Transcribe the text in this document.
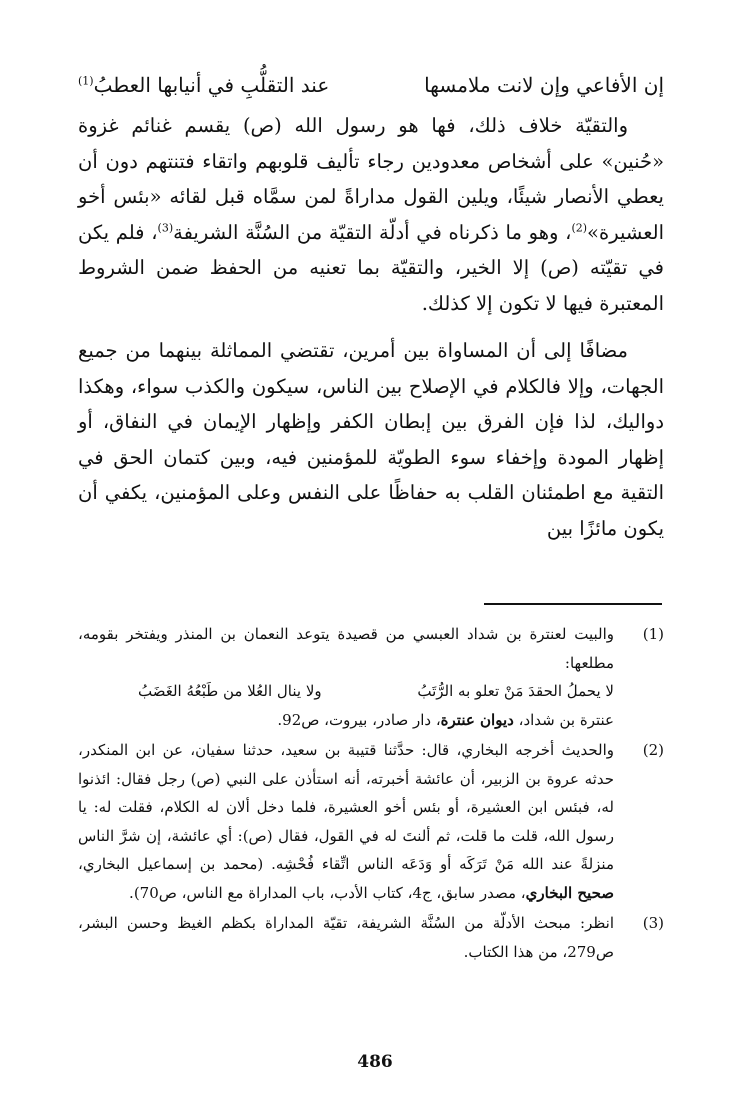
إن الأفاعي وإن لانت ملامسها
عند التقلُّبِ في أنيابها العطبُ$^{(1)}$

والتقيّة خلاف ذلك، فها هو رسول الله (ص) يقسم غنائم غزوة «حُنين» على أشخاص معدودين رجاء تأليف قلوبهم واتقاء فتنتهم دون أن يعطي الأنصار شيئًا، ويلين القول مداراةً لمن سمَّاه قبل لقائه «بئس أخو العشيرة»$^{(2)}$، وهو ما ذكرناه في أدلّة التقيّة من السُنَّة الشريفة$^{(3)}$، فلم يكن في تقيّته (ص) إلا الخير، والتقيّة بما تعنيه من الحفظ ضمن الشروط المعتبرة فيها لا تكون إلا كذلك.

مضافًا إلى أن المساواة بين أمرين، تقتضي المماثلة بينهما من جميع الجهات، وإلا فالكلام في الإصلاح بين الناس، سيكون والكذب سواء، وهكذا دواليك، لذا فإن الفرق بين إبطان الكفر وإظهار الإيمان في النفاق، أو إظهار المودة وإخفاء سوء الطويّة للمؤمنين فيه، وبين كتمان الحق في التقية مع اطمئنان القلب به حفاظًا على النفس وعلى المؤمنين، يكفي أن يكون مائزًا بين

(1)
والبيت لعنترة بن شداد العبسي من قصيدة يتوعد النعمان بن المنذر ويفتخر بقومه، مطلعها:
لا يحملُ الحقدَ مَنْ تعلو به الرُّتَبُ
ولا ينال العُلا من طَبْعُهُ الغَضَبُ
عنترة بن شداد، ديوان عنترة، دار صادر، بيروت، ص92.
(2)
والحديث أخرجه البخاري، قال: حدَّثنا قتيبة بن سعيد، حدثنا سفيان، عن ابن المنكدر، حدثه عروة بن الزبير، أن عائشة أخبرته، أنه استأذن على النبي (ص) رجل فقال: ائذنوا له، فبئس ابن العشيرة، أو بئس أخو العشيرة، فلما دخل ألان له الكلام، فقلت له: يا رسول الله، قلت ما قلت، ثم ألنتَ له في القول، فقال (ص): أي عائشة، إن شرَّ الناس منزلةً عند الله مَنْ تَرَكَه أو وَدَعَه الناس اتِّقاء فُحْشِه. (محمد بن إسماعيل البخاري، صحيح البخاري، مصدر سابق، ج4، كتاب الأدب، باب المداراة مع الناس، ص70).
(3)
انظر: مبحث الأدلّة من السُنَّة الشريفة، تقيّة المداراة بكظم الغيظ وحسن البشر، ص279، من هذا الكتاب.
486
